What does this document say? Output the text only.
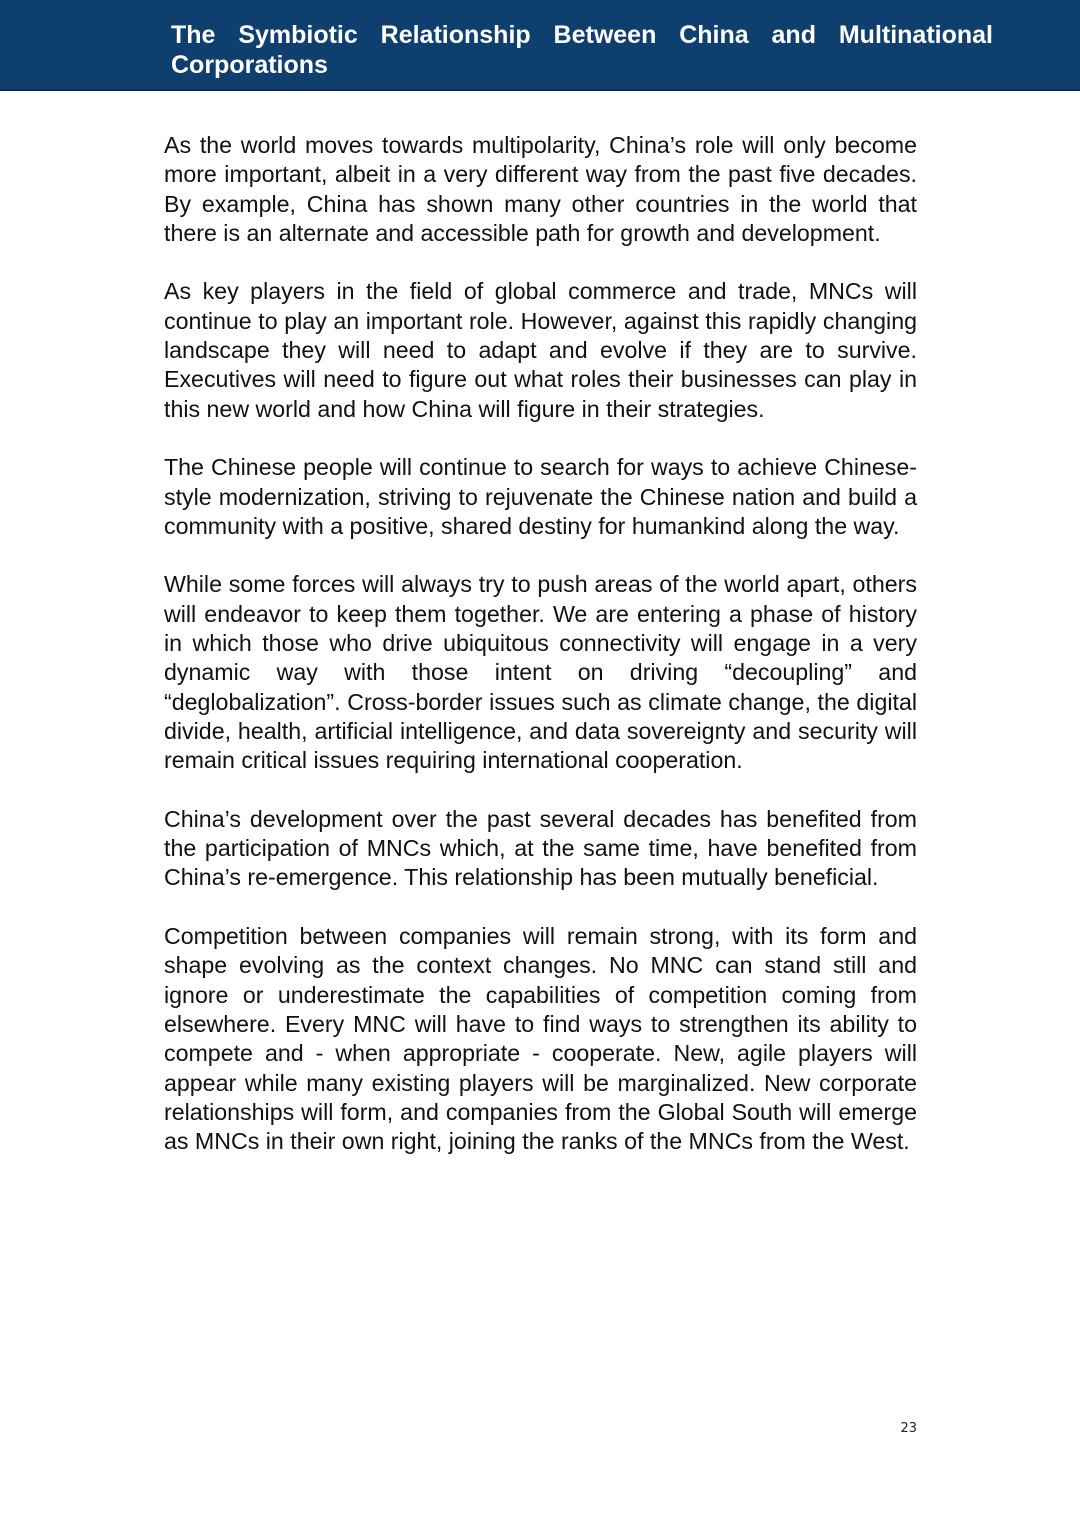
The Symbiotic Relationship Between China and Multinational Corporations

As the world moves towards multipolarity, China’s role will only become more important, albeit in a very different way from the past five decades. By example, China has shown many other countries in the world that there is an alternate and accessible path for growth and development.

As key players in the field of global commerce and trade, MNCs will continue to play an important role. However, against this rapidly changing landscape they will need to adapt and evolve if they are to survive. Executives will need to figure out what roles their businesses can play in this new world and how China will figure in their strategies.

The Chinese people will continue to search for ways to achieve Chinese-style modernization, striving to rejuvenate the Chinese nation and build a community with a positive, shared destiny for humankind along the way.

While some forces will always try to push areas of the world apart, others will endeavor to keep them together. We are entering a phase of history in which those who drive ubiquitous connectivity will engage in a very dynamic way with those intent on driving “decoupling” and “deglobalization”. Cross-border issues such as climate change, the digital divide, health, artificial intelligence, and data sovereignty and security will remain critical issues requiring international cooperation.

China’s development over the past several decades has benefited from the participation of MNCs which, at the same time, have benefited from China’s re-emergence. This relationship has been mutually beneficial.

Competition between companies will remain strong, with its form and shape evolving as the context changes. No MNC can stand still and ignore or underestimate the capabilities of competition coming from elsewhere. Every MNC will have to find ways to strengthen its ability to compete and - when appropriate - cooperate. New, agile players will appear while many existing players will be marginalized. New corporate relationships will form, and companies from the Global South will emerge as MNCs in their own right, joining the ranks of the MNCs from the West.

23
